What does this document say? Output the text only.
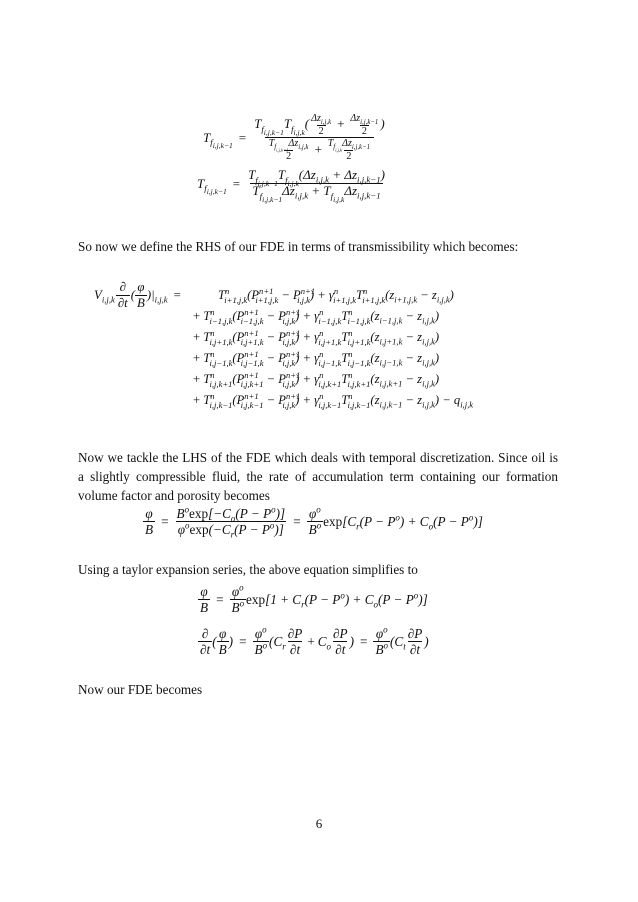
$T_{f_{i,j,k-1}}$
= $\frac{T_{f_{i,j,k-1}}T_{f_{i,j,k}}( \frac{\Delta z_{i,j,k}}{2} + \frac{\Delta z_{i,j,k-1}}{2} )}{\frac{T_{f_{i,j,k-1}}\Delta z_{i,j,k}}{2} + \frac{T_{f_{i,j,k}}\Delta z_{i,j,k-1}}{2}}$
$T_{f_{i,j,k-1}}$
= $\frac{T_{f_{i,j,k-1}}T_{f_{i,j,k}}(\Delta z_{i,j,k} + \Delta z_{i,j,k-1})}{T_{f_{i,j,k-1}}\Delta z_{i,j,k} + T_{f_{i,j,k}}\Delta z_{i,j,k-1}}$
So now we define the RHS of our FDE in terms of transmissibility which becomes:
$V_{i,j,k} \frac{\partial}{\partial t}$ ( $\frac{\varphi}{B} )|_{i,j,k}$ =	$T^n_{i+1,j,k}(P^{n+1}_{i+1,j,k} - P^{n+1}_{i,j,k}) + \gamma^n_{i+1,j,k}T^n_{i+1,j,k}(z_{i+1,j,k} - z_{i,j,k})$
+ $T^n_{i-1,j,k}(P^{n+1}_{i-1,j,k} - P^{n+1}_{i,j,k}) + \gamma^n_{i-1,j,k}T^n_{i-1,j,k}(z_{i-1,j,k} - z_{i,j,k})$
+ $T^n_{i,j+1,k}(P^{n+1}_{i,j+1,k} - P^{n+1}_{i,j,k}) + \gamma^n_{i,j+1,k}T^n_{i,j+1,k}(z_{i,j+1,k} - z_{i,j,k})$
+ $T^n_{i,j-1,k}(P^{n+1}_{i,j-1,k} - P^{n+1}_{i,j,k}) + \gamma^n_{i,j-1,k}T^n_{i,j-1,k}(z_{i,j-1,k} - z_{i,j,k})$
+ $T^n_{i,j,k+1}(P^{n+1}_{i,j,k+1} - P^{n+1}_{i,j,k}) + \gamma^n_{i,j,k+1}T^n_{i,j,k+1}(z_{i,j,k+1} - z_{i,j,k})$
+ $T^n_{i,j,k-1}(P^{n+1}_{i,j,k-1} - P^{n+1}_{i,j,k}) + \gamma^n_{i,j,k-1}T^n_{i,j,k-1}(z_{i,j,k-1} - z_{i,j,k}) - q_{i,j,k}$
Now we tackle the LHS of the FDE which deals with temporal discretization. Since oil is a slightly compressible fluid, the rate of accumulation term containing our formation volume factor and porosity becomes
$\frac{\varphi}{B} = \frac{B^o\exp[-C_o(P - P^o)]}{\varphi^o\exp(-C_r(P - P^o)]} = \frac{\varphi^o}{B^o} \exp[C_r(P - P^o) + C_o(P - P^o)]$
Using a taylor expansion series, the above equation simplifies to
$\frac{\varphi}{B} = \frac{\varphi^o}{B^o} \exp[1 + C_r(P - P^o) + C_o(P - P^o)]$
$\frac{\partial}{\partial t}$ ( $\frac{\varphi}{B}$ ) = $\frac{\varphi^o}{B^o} (C_r \frac{\partial P}{\partial t} + C_o \frac{\partial P}{\partial t}$ ) = $\frac{\varphi^o}{B^o} (C_t \frac{\partial P}{\partial t}$ )
Now our FDE becomes
6
